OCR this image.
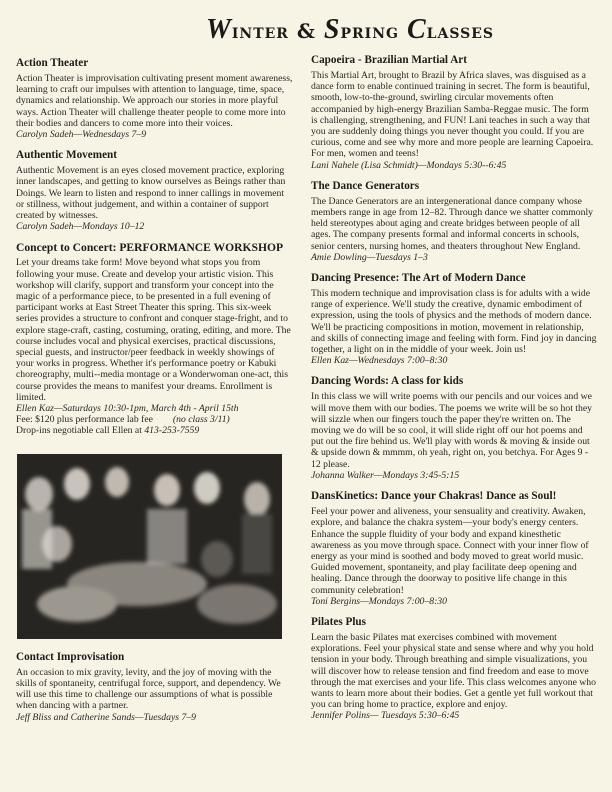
Winter & Spring Classes
Action Theater

Action Theater is improvisation cultivating present moment awareness, learning to craft our impulses with attention to language, time, space, dynamics and relationship. We approach our stories in more playful ways. Action Theater will challenge theater people to come more into their bodies and dancers to come more into their voices.

Carolyn Sadeh—Wednesdays 7–9
Authentic Movement

Authentic Movement is an eyes closed movement practice, exploring inner landscapes, and getting to know ourselves as Beings rather than Doings. We learn to listen and respond to inner callings in movement or stillness, without judgement, and within a container of support

created by witnesses.
Carolyn Sadeh—Mondays 10–12
Concept to Concert: PERFORMANCE WORKSHOP

Let your dreams take form! Move beyond what stops you from following your muse. Create and develop your artistic vision. This workshop will clarify, support and transform your concept into the magic of a performance piece, to be presented in a full evening of participant works at East Street Theater this spring. This six-week series provides a structure to confront and conquer stage-fright, and to explore stage-craft, casting, costuming, orating, editing, and more. The course includes vocal and physical exercises, practical discussions, special guests, and instructor/peer feedback in weekly showings of your works in progress. Whether it's performance poetry or Kabuki choreography, multi--media montage or a Wonderwoman one-act, this course provides the means to manifest your dreams. Enrollment is limited.

Ellen Kaz—Saturdays 10:30-1pm, March 4th - April 15th
Fee: $120 plus performance lab fee (no class 3/11)
Drop-ins negotiable call Ellen at 413-253-7559
Contact Improvisation

An occasion to mix gravity, levity, and the joy of moving with the skills of spontaneity, centrifugal force, support, and dependency. We will use this time to challenge our assumptions of what is possible when dancing with a partner.

Jeff Bliss and Catherine Sands—Tuesdays 7–9
Capoeira - Brazilian Martial Art

This Martial Art, brought to Brazil by Africa slaves, was disguised as a dance form to enable continued training in secret. The form is beautiful, smooth, low-to-the-ground, swirling circular movements often accompanied by high-energy Brazilian Samba-Reggae music. The form is challenging, strengthening, and FUN! Lani teaches in such a way that you are suddenly doing things you never thought you could. If you are curious, come and see why more and more people are learning Capoeira. For men, women and teens!

Lani Nahele (Lisa Schmidt)—Mondays 5:30--6:45
The Dance Generators

The Dance Generators are an intergenerational dance company whose members range in age from 12–82. Through dance we shatter commonly held stereotypes about aging and create bridges between people of all ages. The company presents formal and informal concerts in schools, senior centers, nursing homes, and theaters throughout New England.

Amie Dowling—Tuesdays 1–3
Dancing Presence: The Art of Modern Dance

This modern technique and improvisation class is for adults with a wide range of experience. We'll study the creative, dynamic embodiment of expression, using the tools of physics and the methods of modern dance. We'll be practicing compositions in motion, movement in relationship, and skills of connecting image and feeling with form. Find joy in dancing together, a light on in the middle of your week. Join us!

Ellen Kaz—Wednesdays 7:00–8:30
Dancing Words: A class for kids

In this class we will write poems with our pencils and our voices and we will move them with our bodies. The poems we write will be so hot they will sizzle when our fingers touch the paper they're written on. The moving we do will be so cool, it will slide right off our hot poems and put out the fire behind us. We'll play with words & moving & inside out & upside down & mmmm, oh yeah, right on, you betchya. For Ages 9 - 12 please.

Johanna Walker—Mondays 3:45-5:15
DansKinetics: Dance your Chakras! Dance as Soul!

Feel your power and aliveness, your sensuality and creativity. Awaken, explore, and balance the chakra system—your body's energy centers. Enhance the supple fluidity of your body and expand kinesthetic awareness as you move through space. Connect with your inner flow of energy as your mind is soothed and body moved to great world music. Guided movement, spontaneity, and play facilitate deep opening and healing. Dance through the doorway to positive life change in this community celebration!

Toni Bergins—Mondays 7:00–8:30
Pilates Plus

Learn the basic Pilates mat exercises combined with movement explorations. Feel your physical state and sense where and why you hold tension in your body. Through breathing and simple visualizations, you will discover how to release tension and find freedom and ease to move through the mat exercises and your life. This class welcomes anyone who wants to learn more about their bodies. Get a gentle yet full workout that you can bring home to practice, explore and enjoy.

Jennifer Polins— Tuesdays 5:30–6:45
